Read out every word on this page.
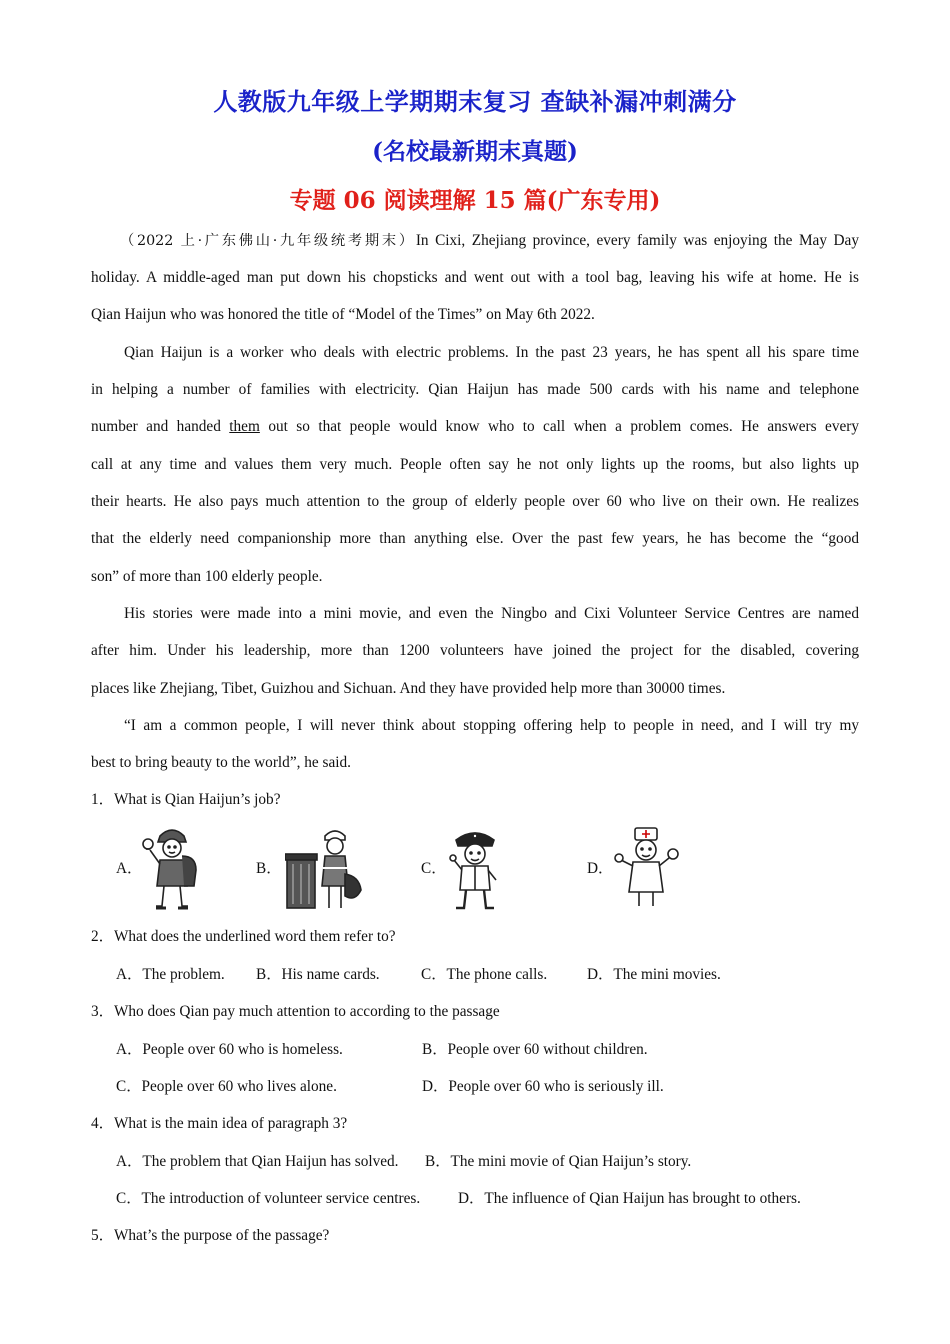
人教版九年级上学期期末复习 查缺补漏冲刺满分
(名校最新期末真题)
专题 06 阅读理解 15 篇(广东专用)
（2022 上·广东佛山·九年级统考期末）In Cixi, Zhejiang province, every family was enjoying the May Day
holiday. A middle-aged man put down his chopsticks and went out with a tool bag, leaving his wife at home. He is
Qian Haijun who was honored the title of “Model of the Times” on May 6th 2022.
Qian Haijun is a worker who deals with electric problems. In the past 23 years, he has spent all his spare time
in helping a number of families with electricity. Qian Haijun has made 500 cards with his name and telephone
number and handed them out so that people would know who to call when a problem comes. He answers every
call at any time and values them very much. People often say he not only lights up the rooms, but also lights up
their hearts. He also pays much attention to the group of elderly people over 60 who live on their own. He realizes
that the elderly need companionship more than anything else. Over the past few years, he has become the “good
son” of more than 100 elderly people.
His stories were made into a mini movie, and even the Ningbo and Cixi Volunteer Service Centres are named
after him. Under his leadership, more than 1200 volunteers have joined the project for the disabled, covering
places like Zhejiang, Tibet, Guizhou and Sichuan. And they have provided help more than 30000 times.
“I am a common people, I will never think about stopping offering help to people in need, and I will try my
best to bring beauty to the world”, he said.
1．What is Qian Haijun’s job?
A．	B．	C．	D．
2．What does the underlined word them refer to?
A．The problem. B．His name cards.	C．The phone calls.	D．The mini movies.
3．Who does Qian pay much attention to according to the passage
A．People over 60 who is homeless.	B．People over 60 without children.
C．People over 60 who lives alone.	D．People over 60 who is seriously ill.
4．What is the main idea of paragraph 3?
A．The problem that Qian Haijun has solved. B．The mini movie of Qian Haijun’s story.
C．The introduction of volunteer service centres. D．The influence of Qian Haijun has brought to others.
5．What’s the purpose of the passage?
